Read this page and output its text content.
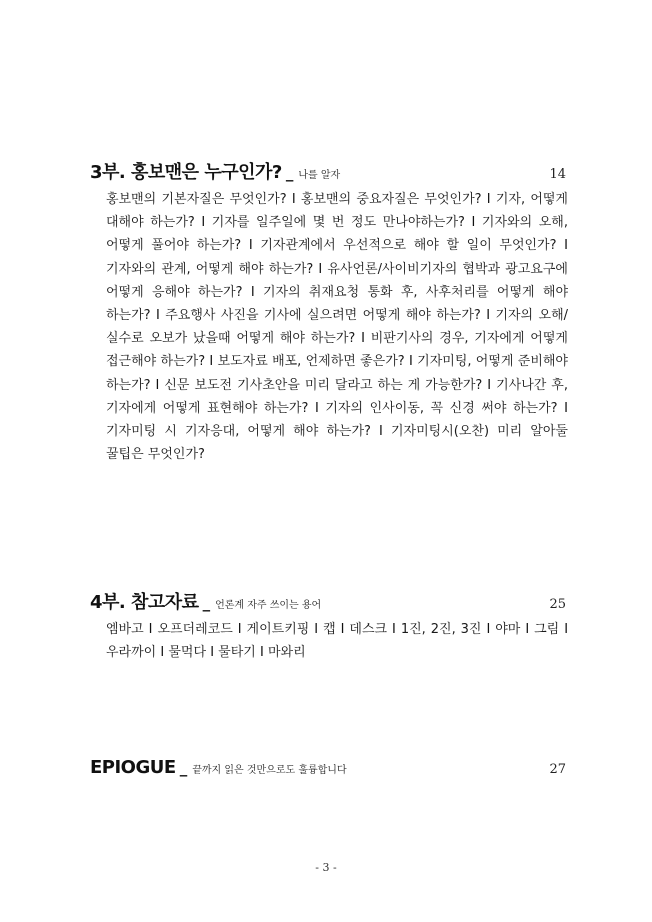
3부. 홍보맨은 누구인가? _ 나를 알자	14

홍보맨의 기본자질은 무엇인가? I 홍보맨의 중요자질은 무엇인가? I 기자, 어떻게 대해야 하는가? I 기자를 일주일에 몇 번 정도 만나야하는가? I 기자와의 오해, 어떻게 풀어야 하는가? I 기자관계에서 우선적으로 해야 할 일이 무엇인가? I 기자와의 관계, 어떻게 해야 하는가? I 유사언론/사이비기자의 협박과 광고요구에 어떻게 응해야 하는가? I 기자의 취재요청 통화 후, 사후처리를 어떻게 해야 하는가? I 주요행사 사진을 기사에 실으려면 어떻게 해야 하는가? I 기자의 오해/실수로 오보가 났을때 어떻게 해야 하는가? I 비판기사의 경우, 기자에게 어떻게 접근해야 하는가? I 보도자료 배포, 언제하면 좋은가? I 기자미팅, 어떻게 준비해야 하는가? I 신문 보도전 기사초안을 미리 달라고 하는 게 가능한가? I 기사나간 후, 기자에게 어떻게 표현해야 하는가? I 기자의 인사이동, 꼭 신경 써야 하는가? I 기자미팅 시 기자응대, 어떻게 해야 하는가? I 기자미팅시(오찬) 미리 알아둘 꿀팁은 무엇인가?

4부. 참고자료 _ 언론계 자주 쓰이는 용어	25

엠바고 I 오프더레코드 I 게이트키핑 I 캡 I 데스크 I 1진, 2진, 3진 I 야마 I 그림 I 우라까이 I 물먹다 I 물타기 I 마와리

EPIOGUE _ 끝까지 읽은 것만으로도 훌륭합니다	27
- 3 -
